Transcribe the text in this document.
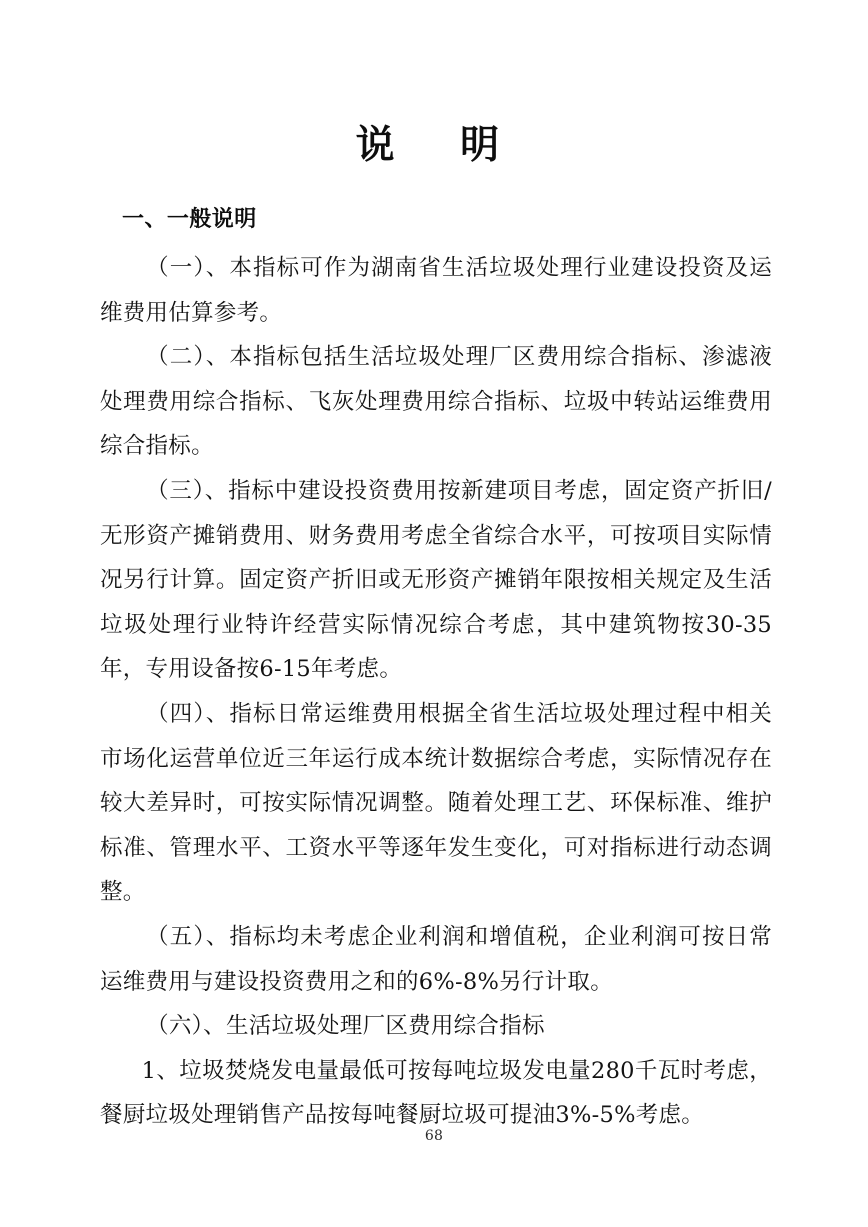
说　明
一、一般说明

（一）、本指标可作为湖南省生活垃圾处理行业建设投资及运维费用估算参考。

（二）、本指标包括生活垃圾处理厂区费用综合指标、渗滤液处理费用综合指标、飞灰处理费用综合指标、垃圾中转站运维费用综合指标。

（三）、指标中建设投资费用按新建项目考虑，固定资产折旧/无形资产摊销费用、财务费用考虑全省综合水平，可按项目实际情况另行计算。固定资产折旧或无形资产摊销年限按相关规定及生活垃圾处理行业特许经营实际情况综合考虑，其中建筑物按30-35年，专用设备按6-15年考虑。

（四）、指标日常运维费用根据全省生活垃圾处理过程中相关市场化运营单位近三年运行成本统计数据综合考虑，实际情况存在较大差异时，可按实际情况调整。随着处理工艺、环保标准、维护标准、管理水平、工资水平等逐年发生变化，可对指标进行动态调整。

（五）、指标均未考虑企业利润和增值税，企业利润可按日常运维费用与建设投资费用之和的6%-8%另行计取。

（六）、生活垃圾处理厂区费用综合指标

1、垃圾焚烧发电量最低可按每吨垃圾发电量280千瓦时考虑，餐厨垃圾处理销售产品按每吨餐厨垃圾可提油3%-5%考虑。

68
